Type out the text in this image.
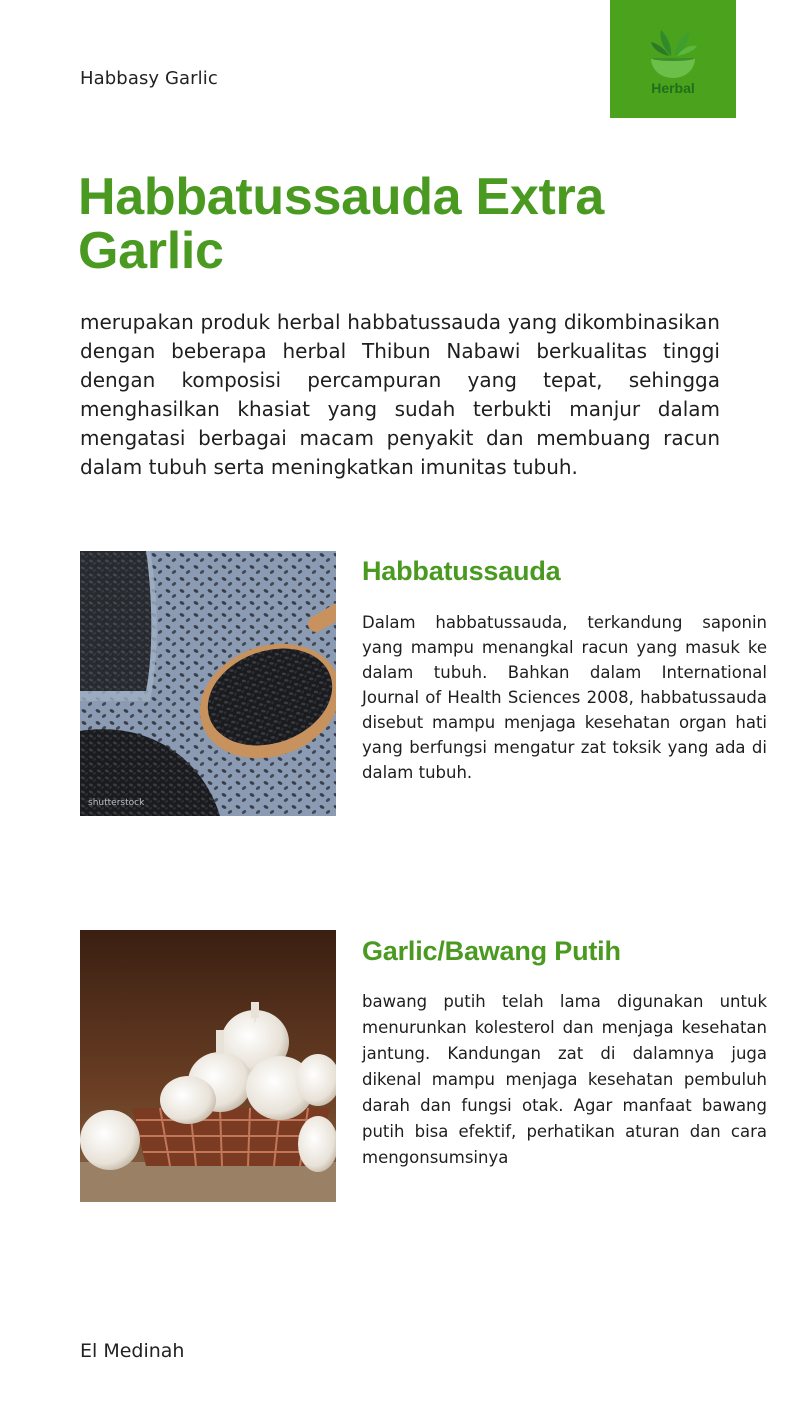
Habbasy Garlic	Herbal
Habbatussauda Extra Garlic

merupakan produk herbal habbatussauda yang dikombinasikan dengan beberapa herbal Thibun Nabawi berkualitas tinggi dengan komposisi percampuran yang tepat, sehingga menghasilkan khasiat yang sudah terbukti manjur dalam mengatasi berbagai macam penyakit dan membuang racun dalam tubuh serta meningkatkan imunitas tubuh.

shutterstock
Habbatussauda

Dalam habbatussauda, terkandung saponin yang mampu menangkal racun yang masuk ke dalam tubuh. Bahkan dalam International Journal of Health Sciences 2008, habbatussauda disebut mampu menjaga kesehatan organ hati yang berfungsi mengatur zat toksik yang ada di dalam tubuh.

Garlic/Bawang Putih

bawang putih telah lama digunakan untuk menurunkan kolesterol dan menjaga kesehatan jantung. Kandungan zat di dalamnya juga dikenal mampu menjaga kesehatan pembuluh darah dan fungsi otak. Agar manfaat bawang putih bisa efektif, perhatikan aturan dan cara mengonsumsinya

El Medinah
